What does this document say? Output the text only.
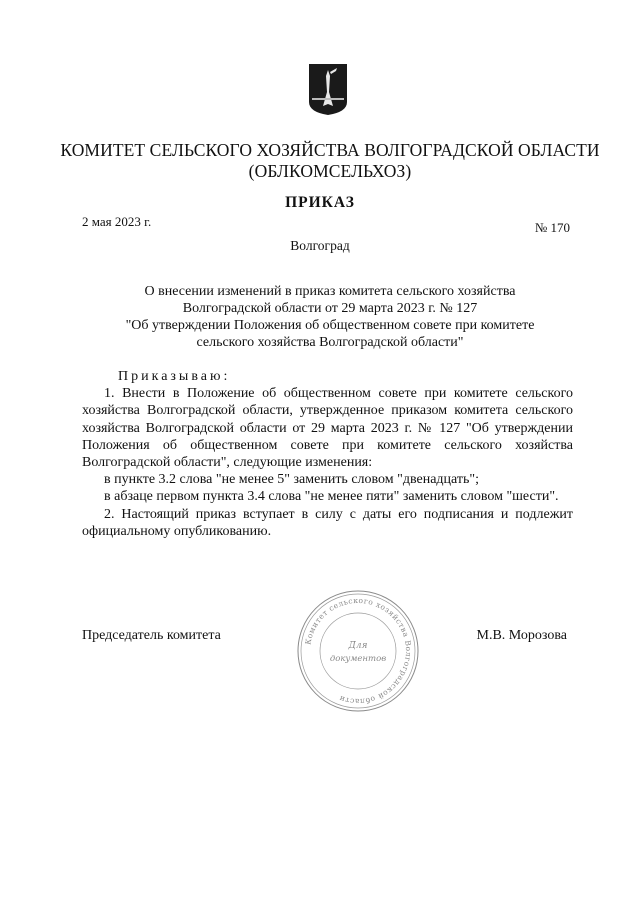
КОМИТЕТ СЕЛЬСКОГО ХОЗЯЙСТВА ВОЛГОГРАДСКОЙ ОБЛАСТИ
(ОБЛКОМСЕЛЬХОЗ)
ПРИКАЗ
2 мая 2023 г.	№ 170
Волгоград
О внесении изменений в приказ комитета сельского хозяйства
Волгоградской области от 29 марта 2023 г. № 127
"Об утверждении Положения об общественном совете при комитете
сельского хозяйства Волгоградской области"

Приказываю:

1. Внести в Положение об общественном совете при комитете сельского хозяйства Волгоградской области, утвержденное приказом комитета сельского хозяйства Волгоградской области от 29 марта 2023 г. № 127 "Об утверждении Положения об общественном совете при комитете сельского хозяйства Волгоградской области", следующие изменения:

в пункте 3.2 слова "не менее 5" заменить словом "двенадцать";

в абзаце первом пункта 3.4 слова "не менее пяти" заменить словом "шести".

2. Настоящий приказ вступает в силу с даты его подписания и подлежит официальному опубликованию.

Председатель комитета	М.В. Морозова
Комитет сельского хозяйства Волгоградской области
Для
документов
